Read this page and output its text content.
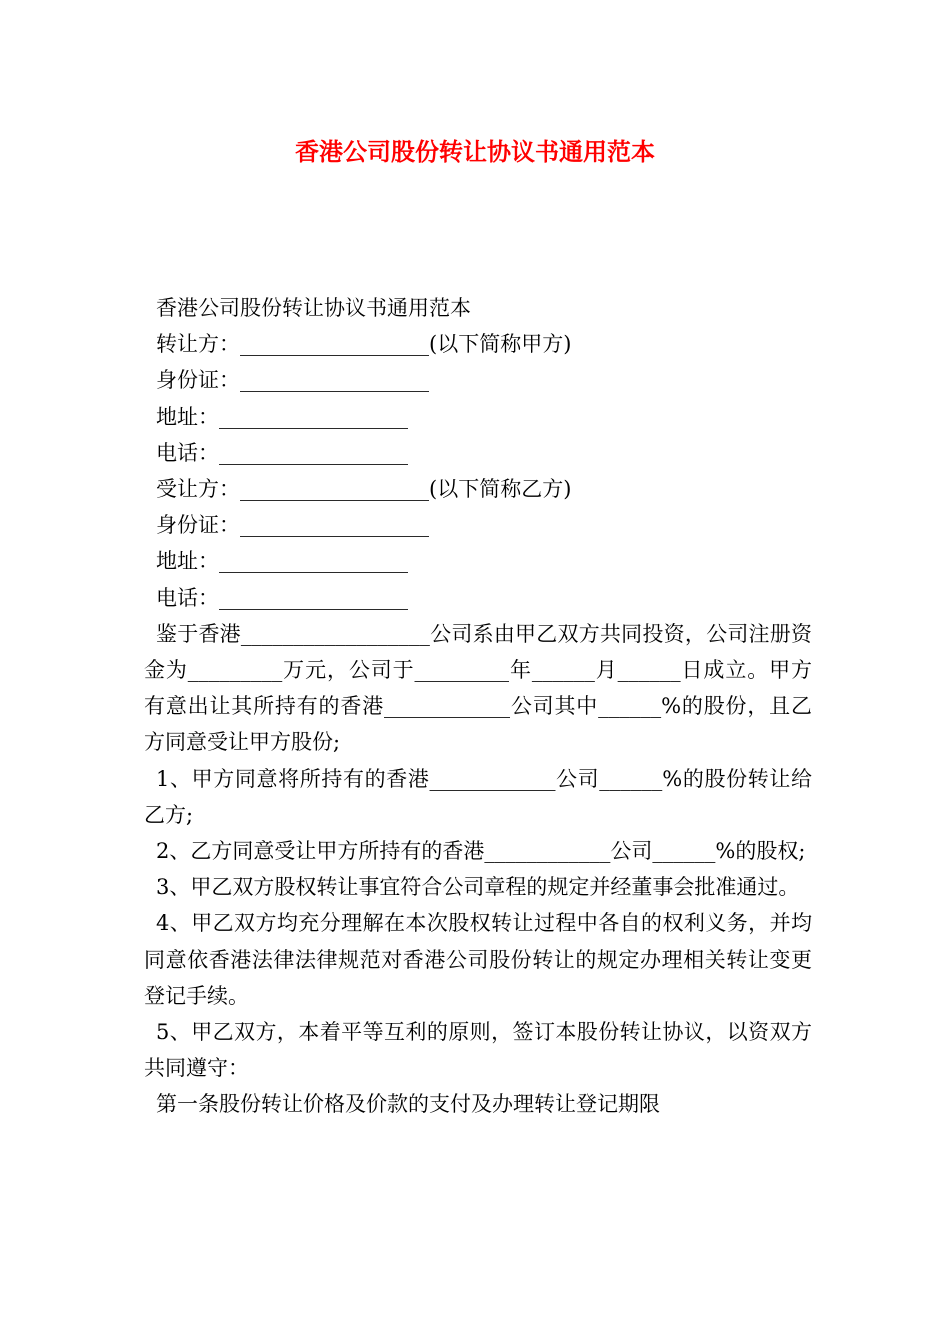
香港公司股份转让协议书通用范本

香港公司股份转让协议书通用范本

转让方：__________________(以下简称甲方)

身份证：__________________

地址：__________________

电话：__________________

受让方：__________________(以下简称乙方)

身份证：__________________

地址：__________________

电话：__________________

鉴于香港__________________公司系由甲乙双方共同投资，公司注册资金为_________万元，公司于_________年______月______日成立。甲方有意出让其所持有的香港____________公司其中______%的股份，且乙方同意受让甲方股份;

1、甲方同意将所持有的香港____________公司______%的股份转让给乙方;

2、乙方同意受让甲方所持有的香港____________公司______%的股权;

3、甲乙双方股权转让事宜符合公司章程的规定并经董事会批准通过。

4、甲乙双方均充分理解在本次股权转让过程中各自的权利义务，并均同意依香港法律法律规范对香港公司股份转让的规定办理相关转让变更登记手续。

5、甲乙双方，本着平等互利的原则，签订本股份转让协议，以资双方共同遵守：

第一条股份转让价格及价款的支付及办理转让登记期限
